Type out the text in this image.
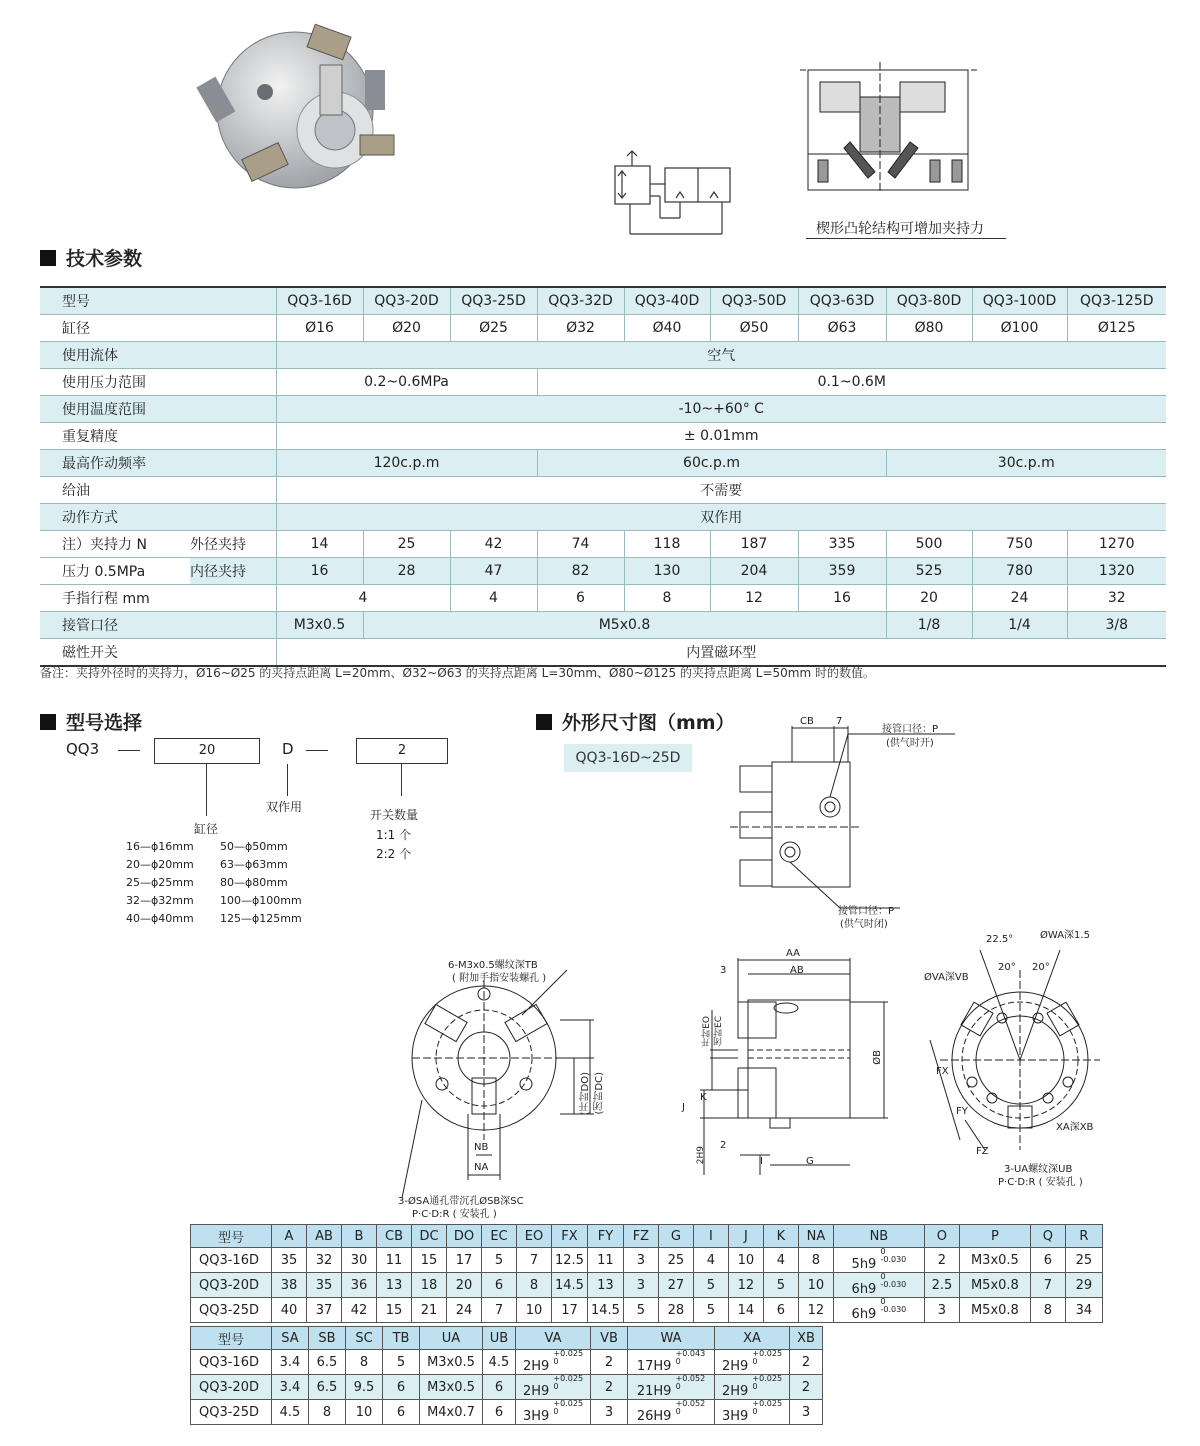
楔形凸轮结构可增加夹持力
技术参数
型号		QQ3-16D	QQ3-20D	QQ3-25D	QQ3-32D	QQ3-40D	QQ3-50D	QQ3-63D	QQ3-80D	QQ3-100D	QQ3-125D
缸径		Ø16	Ø20	Ø25	Ø32	Ø40	Ø50	Ø63	Ø80	Ø100	Ø125
使用流体		空气									
使用压力范围		0.2~0.6MPa			0.1~0.6M						
使用温度范围		-10~+60° C									
重复精度		± 0.01mm									
最高作动频率		120c.p.m			60c.p.m				30c.p.m		
给油		不需要									
动作方式		双作用									
注）夹持力 N	外径夹持	14	25	42	74	118	187	335	500	750	1270
压力 0.5MPa	内径夹持	16	28	47	82	130	204	359	525	780	1320
手指行程 mm		4		4	6	8	12	16	20	24	32
接管口径		M3x0.5	M5x0.8						1/8	1/4	3/8
磁性开关		内置磁环型									
备注：夹持外径时的夹持力，Ø16~Ø25 的夹持点距离 L=20mm、Ø32~Ø63 的夹持点距离 L=30mm、Ø80~Ø125 的夹持点距离 L=50mm 时的数值。
型号选择
QQ3	20	D	2
双作用
缸径
开关数量
1:1 个
2:2 个
16—ϕ16mm
20—ϕ20mm
25—ϕ25mm
32—ϕ32mm
40—ϕ40mm
50—ϕ50mm
63—ϕ63mm
80—ϕ80mm
100—ϕ100mm
125—ϕ125mm
外形尺寸图（mm）
QQ3-16D~25D
CB 7
接管口径：P
(供气时开)
接管口径：P
(供气时闭)
6-M3x0.5螺纹深TB
( 附加手指安装螺孔 )
NB
NA
(开时DO) (闭时DC)
3-ØSA通孔带沉孔ØSB深SC
P·C·D:R ( 安装孔 )
AA
AB
3
开时EO 闭时EC
ØB
K
J
2H9
2
I	G
22.5°
20° 20°
ØWA深1.5
ØVA深VB
FX
FY
FZ
XA深XB
3-UA螺纹深UB
P·C·D:R ( 安装孔 )
型号	A	AB	B	CB	DC	DO	EC	EO	FX	FY	FZ	G	I	J	K	NA	NB	O	P	Q	R
QQ3-16D	35	32	30	11	15	17	5	7	12.5	11	3	25	4	10	4	8	5h9 $^{0 -0.030}$	2	M3x0.5	6	25
QQ3-20D	38	35	36	13	18	20	6	8	14.5	13	3	27	5	12	5	10	6h9 $^{0 -0.030}$	2.5	M5x0.8	7	29
QQ3-25D	40	37	42	15	21	24	7	10	17	14.5	5	28	5	14	6	12	6h9 $^{0 -0.030}$	3	M5x0.8	8	34
型号	SA	SB	SC	TB	UA	UB	VA	VB	WA	XA	XB
QQ3-16D	3.4	6.5	8	5	M3x0.5	4.5	2H9 $^{+0.025 0}$	2	17H9 $^{+0.043 0}$	2H9 $^{+0.025 0}$	2
QQ3-20D	3.4	6.5	9.5	6	M3x0.5	6	2H9 $^{+0.025 0}$	2	21H9 $^{+0.052 0}$	2H9 $^{+0.025 0}$	2
QQ3-25D	4.5	8	10	6	M4x0.7	6	3H9 $^{+0.025 0}$	3	26H9 $^{+0.052 0}$	3H9 $^{+0.025 0}$	3
